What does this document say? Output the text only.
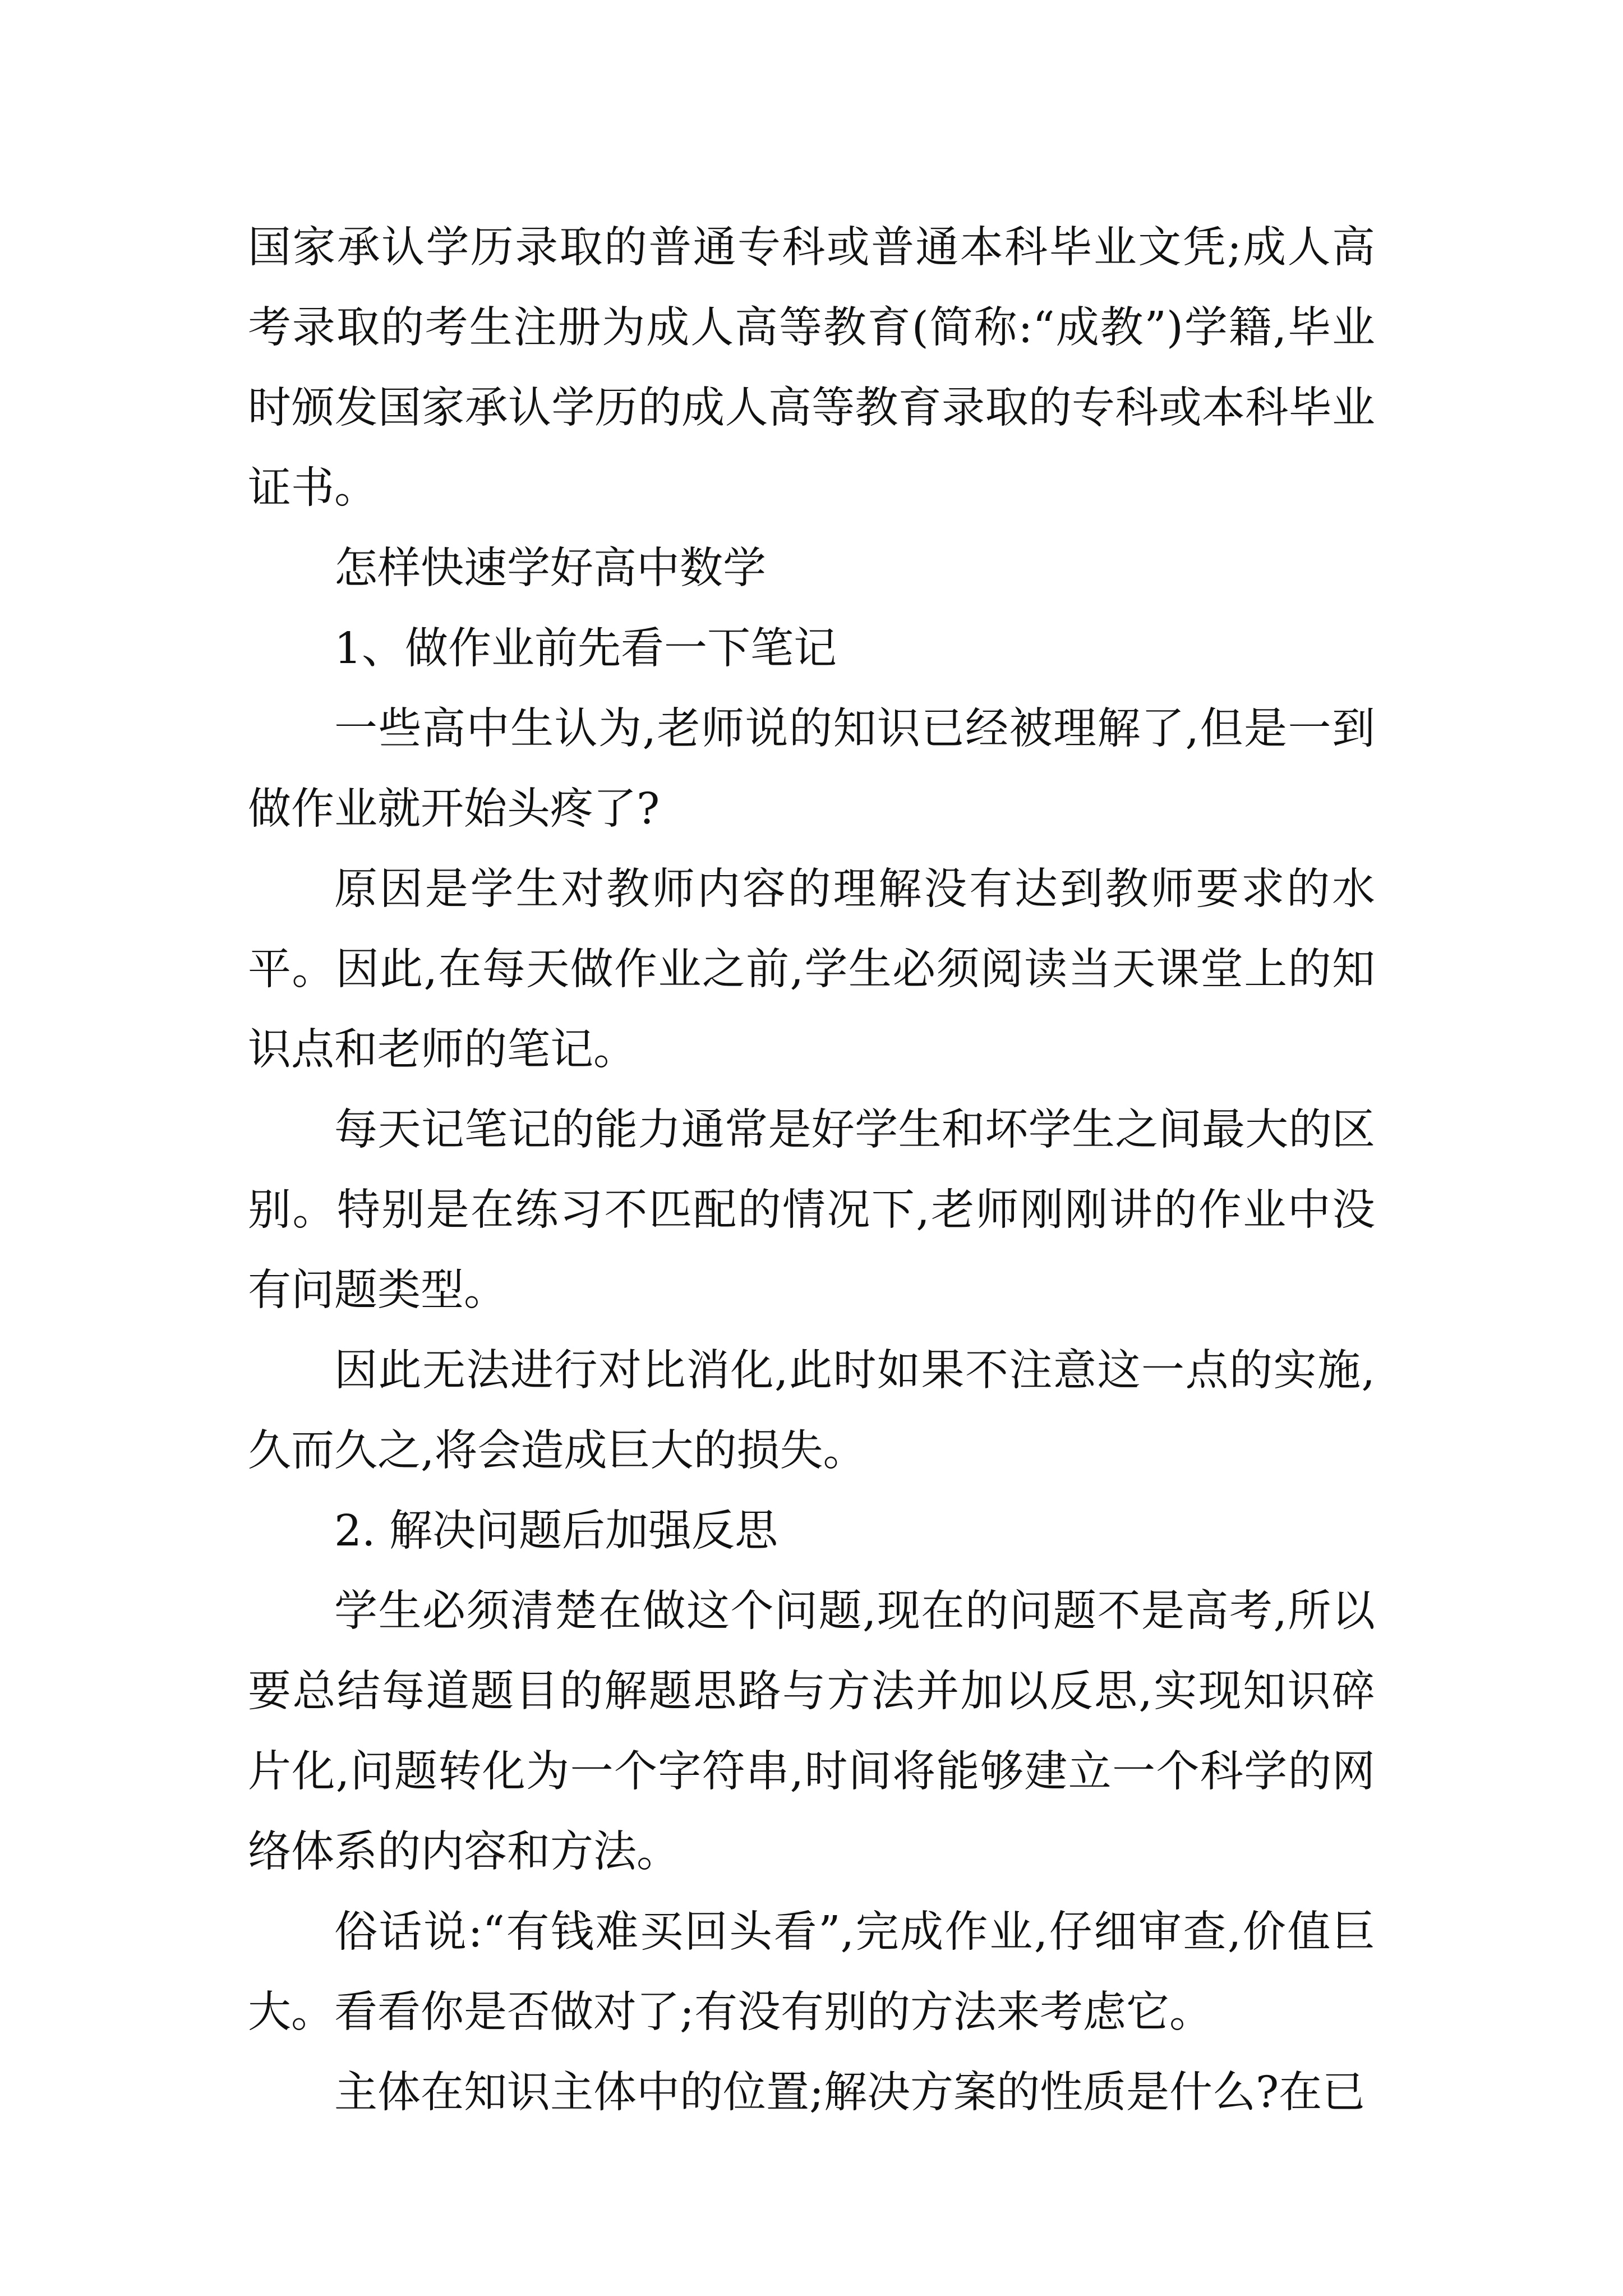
国家承认学历录取的普通专科或普通本科毕业文凭;成人高考录取的考生注册为成人高等教育(简称:“成教”)学籍,毕业时颁发国家承认学历的成人高等教育录取的专科或本科毕业证书。

怎样快速学好高中数学

1、做作业前先看一下笔记

一些高中生认为,老师说的知识已经被理解了,但是一到做作业就开始头疼了?

原因是学生对教师内容的理解没有达到教师要求的水平。因此,在每天做作业之前,学生必须阅读当天课堂上的知识点和老师的笔记。

每天记笔记的能力通常是好学生和坏学生之间最大的区别。特别是在练习不匹配的情况下,老师刚刚讲的作业中没有问题类型。

因此无法进行对比消化,此时如果不注意这一点的实施,久而久之,将会造成巨大的损失。

2. 解决问题后加强反思

学生必须清楚在做这个问题,现在的问题不是高考,所以要总结每道题目的解题思路与方法并加以反思,实现知识碎片化,问题转化为一个字符串,时间将能够建立一个科学的网络体系的内容和方法。

俗话说:“有钱难买回头看”,完成作业,仔细审查,价值巨大。看看你是否做对了;有没有别的方法来考虑它。

主体在知识主体中的位置;解决方案的性质是什么?在已
